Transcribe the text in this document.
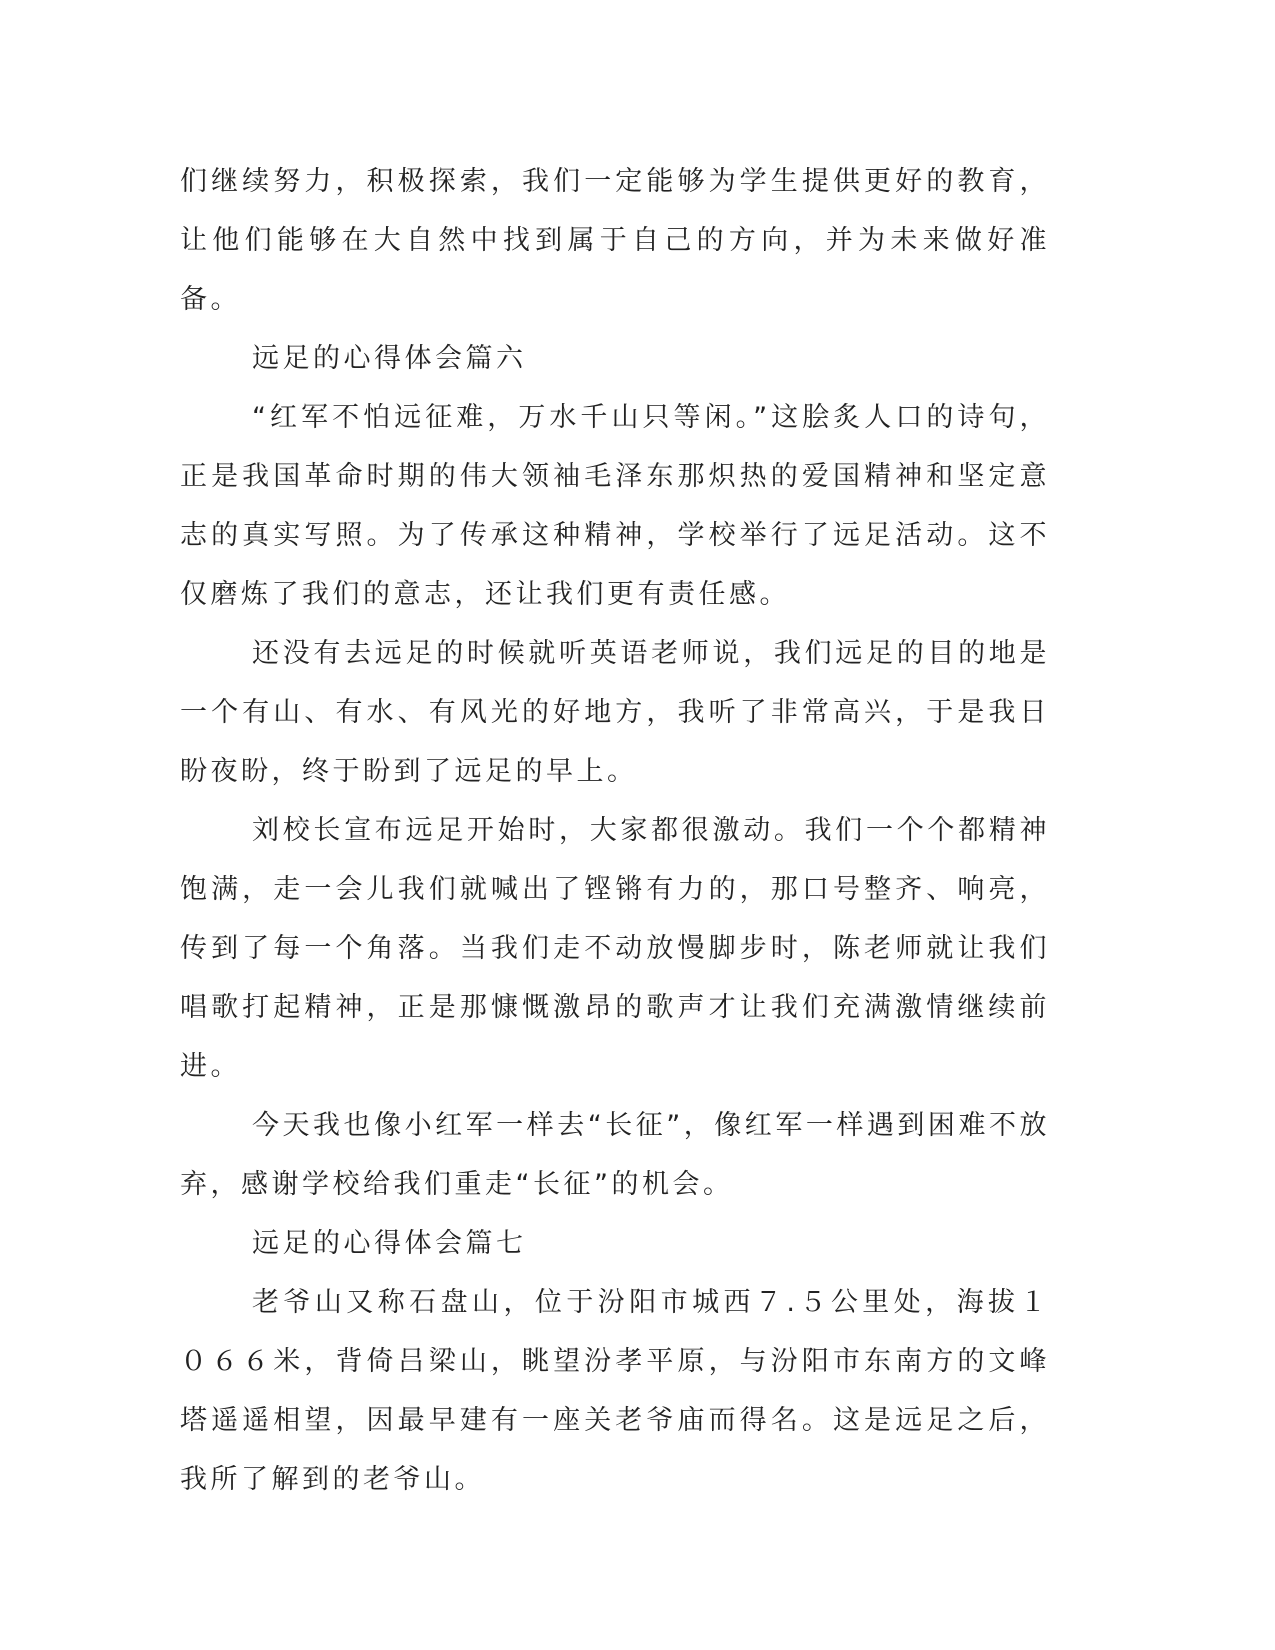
们继续努力，积极探索，我们一定能够为学生提供更好的教育，让他们能够在大自然中找到属于自己的方向，并为未来做好准备。

远足的心得体会篇六

“红军不怕远征难，万水千山只等闲。”这脍炙人口的诗句，正是我国革命时期的伟大领袖毛泽东那炽热的爱国精神和坚定意志的真实写照。为了传承这种精神，学校举行了远足活动。这不仅磨炼了我们的意志，还让我们更有责任感。

还没有去远足的时候就听英语老师说，我们远足的目的地是一个有山、有水、有风光的好地方，我听了非常高兴，于是我日盼夜盼，终于盼到了远足的早上。

刘校长宣布远足开始时，大家都很激动。我们一个个都精神饱满，走一会儿我们就喊出了铿锵有力的，那口号整齐、响亮，传到了每一个角落。当我们走不动放慢脚步时，陈老师就让我们唱歌打起精神，正是那慷慨激昂的歌声才让我们充满激情继续前进。

今天我也像小红军一样去“长征”，像红军一样遇到困难不放弃，感谢学校给我们重走“长征”的机会。

远足的心得体会篇七

老爷山又称石盘山，位于汾阳市城西７.５公里处，海拔１０６６米，背倚吕梁山，眺望汾孝平原，与汾阳市东南方的文峰塔遥遥相望，因最早建有一座关老爷庙而得名。这是远足之后，我所了解到的老爷山。
